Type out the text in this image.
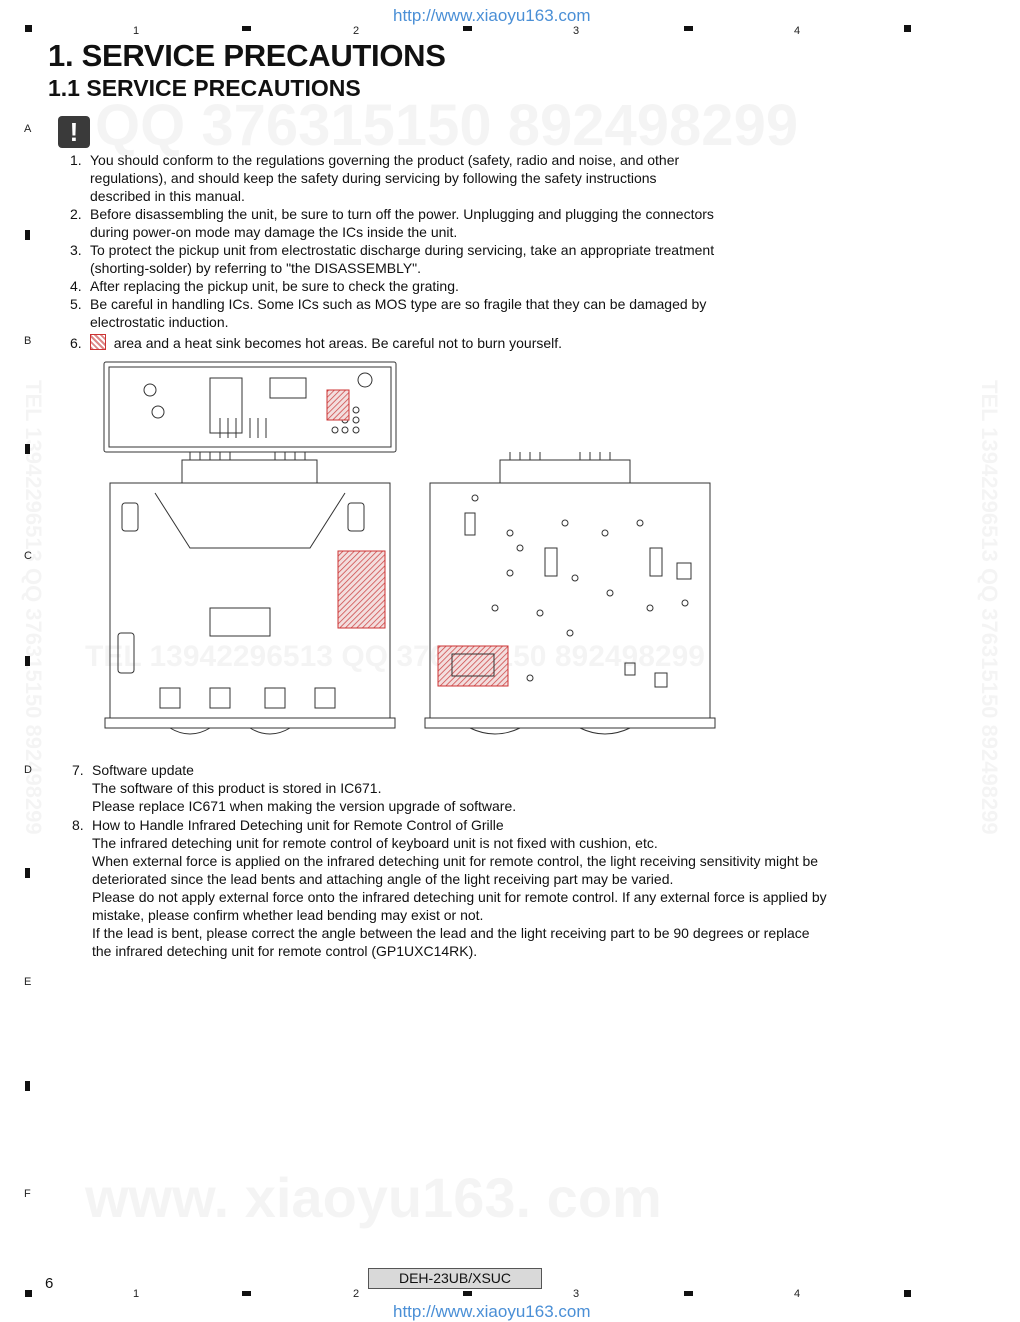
http://www.xiaoyu163.com
1	2	3	4
A
B
C
D
E
F
1. SERVICE PRECAUTIONS
1.1 SERVICE PRECAUTIONS
!
1. You should conform to the regulations governing the product (safety, radio and noise, and other
regulations), and should keep the safety during servicing by following the safety instructions
described in this manual.
2. Before disassembling the unit, be sure to turn off the power. Unplugging and plugging the connectors
during power-on mode may damage the ICs inside the unit.
3. To protect the pickup unit from electrostatic discharge during servicing, take an appropriate treatment
(shorting-solder) by referring to "the DISASSEMBLY".
4. After replacing the pickup unit, be sure to check the grating.
5. Be careful in handling ICs. Some ICs such as MOS type are so fragile that they can be damaged by
electrostatic induction.
6. area and a heat sink becomes hot areas. Be careful not to burn yourself.
7. Software update
The software of this product is stored in IC671.
Please replace IC671 when making the version upgrade of software.
8. How to Handle Infrared Deteching unit for Remote Control of Grille
The infrared deteching unit for remote control of keyboard unit is not fixed with cushion, etc.
When external force is applied on the infrared deteching unit for remote control, the light receiving sensitivity might be
deteriorated since the lead bents and attaching angle of the light receiving part may be varied.
Please do not apply external force onto the infrared deteching unit for remote control. If any external force is applied by
mistake, please confirm whether lead bending may exist or not.
If the lead is bent, please correct the angle between the lead and the light receiving part to be 90 degrees or replace
the infrared deteching unit for remote control (GP1UXC14RK).
6	DEH-23UB/XSUC
1	2	3	4
http://www.xiaoyu163.com
